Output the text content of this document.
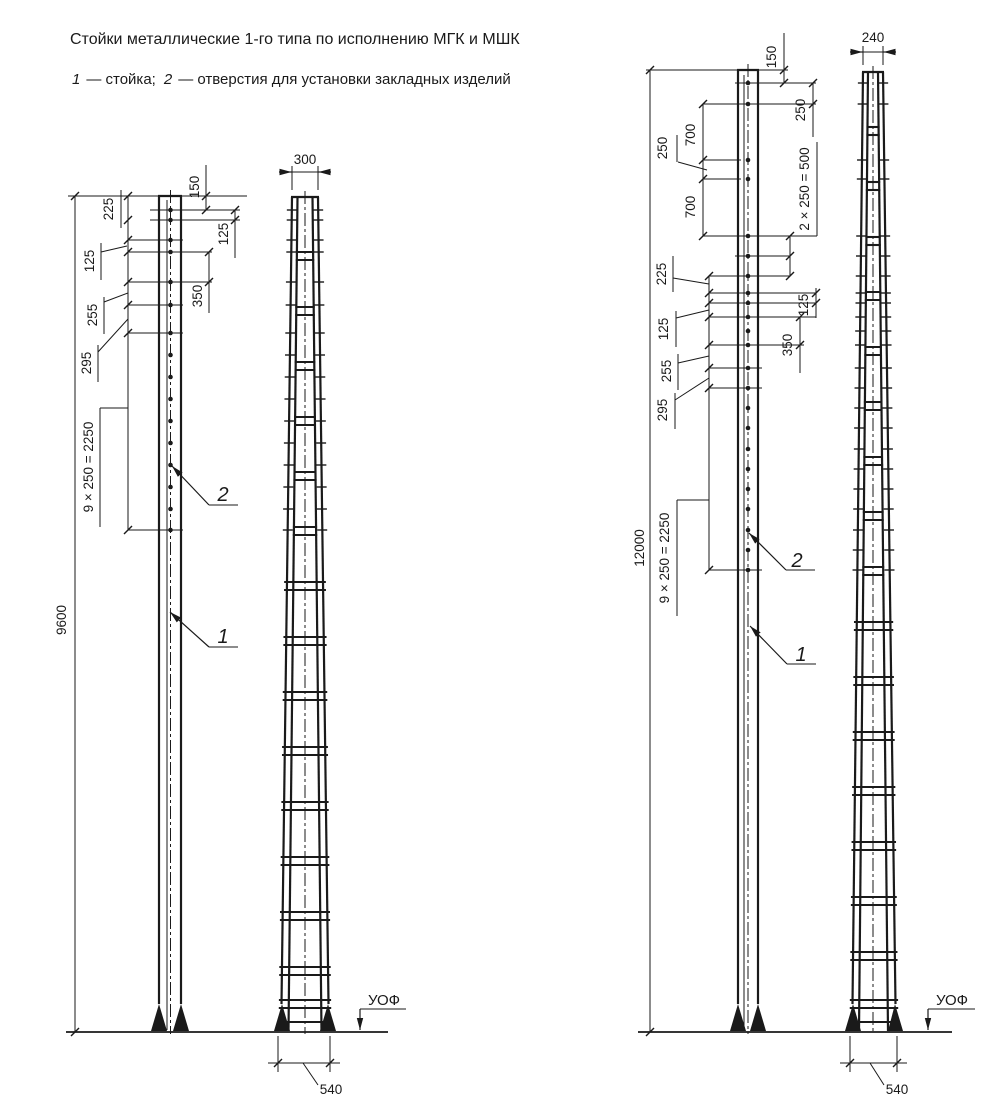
Стойки металлические 1-го типа по исполнению МГК и МШК
1 — стойка; 2 — отверстия для установки закладных изделий
9600
225
125
255
295
9 × 250 = 2250
150
125
350
2
1
300
540
УОФ
12000
250
700
700
225
125
255
295
9 × 250 = 2250
150
250
2 × 250 = 500
125
350
2
1
240
540
УОФ
